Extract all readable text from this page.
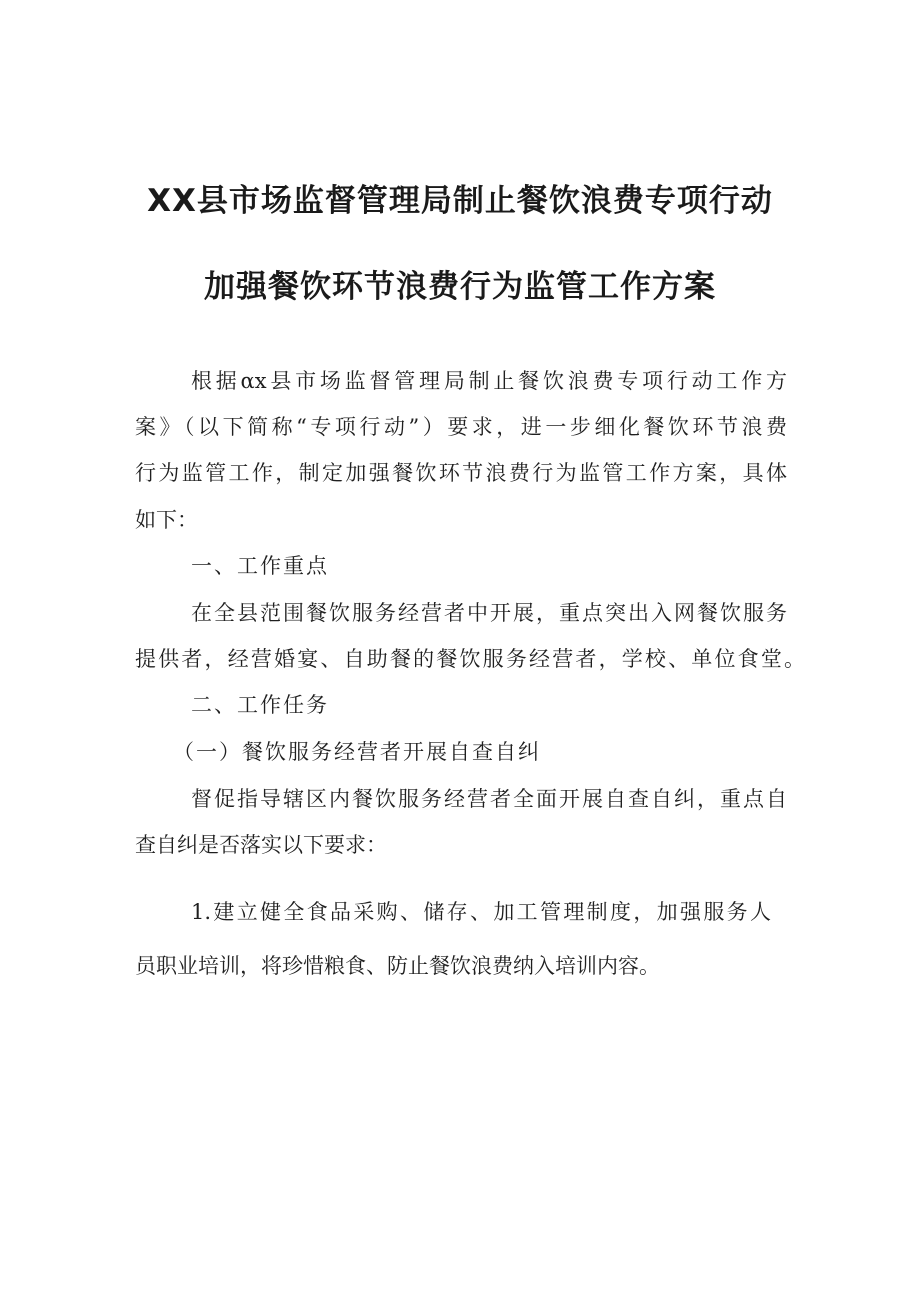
XX县市场监督管理局制止餐饮浪费专项行动
加强餐饮环节浪费行为监管工作方案
根据αx县市场监督管理局制止餐饮浪费专项行动工作方
案》（以下简称“专项行动”）要求，进一步细化餐饮环节浪费
行为监管工作，制定加强餐饮环节浪费行为监管工作方案，具体
如下：
一、工作重点
在全县范围餐饮服务经营者中开展，重点突出入网餐饮服务
提供者，经营婚宴、自助餐的餐饮服务经营者，学校、单位食堂。
二、工作任务
（一）餐饮服务经营者开展自查自纠
督促指导辖区内餐饮服务经营者全面开展自查自纠，重点自
查自纠是否落实以下要求：
1.建立健全食品采购、储存、加工管理制度，加强服务人
员职业培训，将珍惜粮食、防止餐饮浪费纳入培训内容。
